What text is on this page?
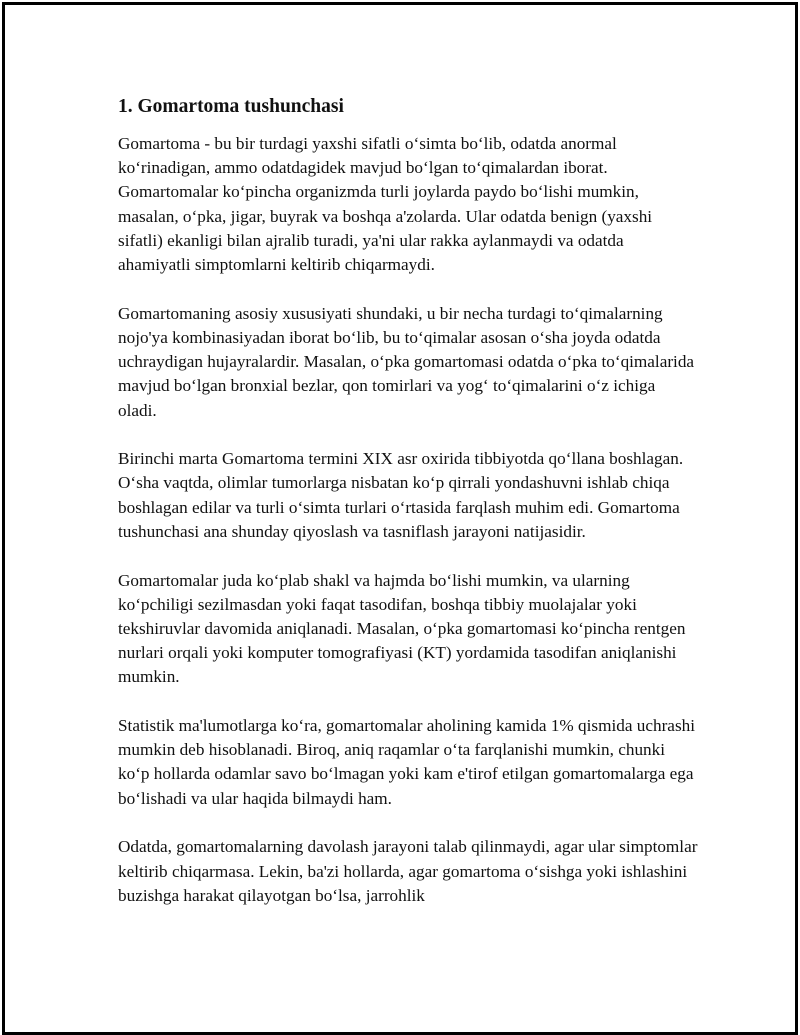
1. Gomartoma tushunchasi

Gomartoma - bu bir turdagi yaxshi sifatli o‘simta bo‘lib, odatda anormal ko‘rinadigan, ammo odatdagidek mavjud bo‘lgan to‘qimalardan iborat. Gomartomalar ko‘pincha organizmda turli joylarda paydo bo‘lishi mumkin, masalan, o‘pka, jigar, buyrak va boshqa a'zolarda. Ular odatda benign (yaxshi sifatli) ekanligi bilan ajralib turadi, ya'ni ular rakka aylanmaydi va odatda ahamiyatli simptomlarni keltirib chiqarmaydi.

Gomartomaning asosiy xususiyati shundaki, u bir necha turdagi to‘qimalarning nojo'ya kombinasiyadan iborat bo‘lib, bu to‘qimalar asosan o‘sha joyda odatda uchraydigan hujayralardir. Masalan, o‘pka gomartomasi odatda o‘pka to‘qimalarida mavjud bo‘lgan bronxial bezlar, qon tomirlari va yog‘ to‘qimalarini o‘z ichiga oladi.

Birinchi marta Gomartoma termini XIX asr oxirida tibbiyotda qo‘llana boshlagan. O‘sha vaqtda, olimlar tumorlarga nisbatan ko‘p qirrali yondashuvni ishlab chiqa boshlagan edilar va turli o‘simta turlari o‘rtasida farqlash muhim edi. Gomartoma tushunchasi ana shunday qiyoslash va tasniflash jarayoni natijasidir.

Gomartomalar juda ko‘plab shakl va hajmda bo‘lishi mumkin, va ularning ko‘pchiligi sezilmasdan yoki faqat tasodifan, boshqa tibbiy muolajalar yoki tekshiruvlar davomida aniqlanadi. Masalan, o‘pka gomartomasi ko‘pincha rentgen nurlari orqali yoki komputer tomografiyasi (KT) yordamida tasodifan aniqlanishi mumkin.

Statistik ma'lumotlarga ko‘ra, gomartomalar aholining kamida 1% qismida uchrashi mumkin deb hisoblanadi. Biroq, aniq raqamlar o‘ta farqlanishi mumkin, chunki ko‘p hollarda odamlar savo bo‘lmagan yoki kam e'tirof etilgan gomartomalarga ega bo‘lishadi va ular haqida bilmaydi ham.

Odatda, gomartomalarning davolash jarayoni talab qilinmaydi, agar ular simptomlar keltirib chiqarmasa. Lekin, ba'zi hollarda, agar gomartoma o‘sishga yoki ishlashini buzishga harakat qilayotgan bo‘lsa, jarrohlik
